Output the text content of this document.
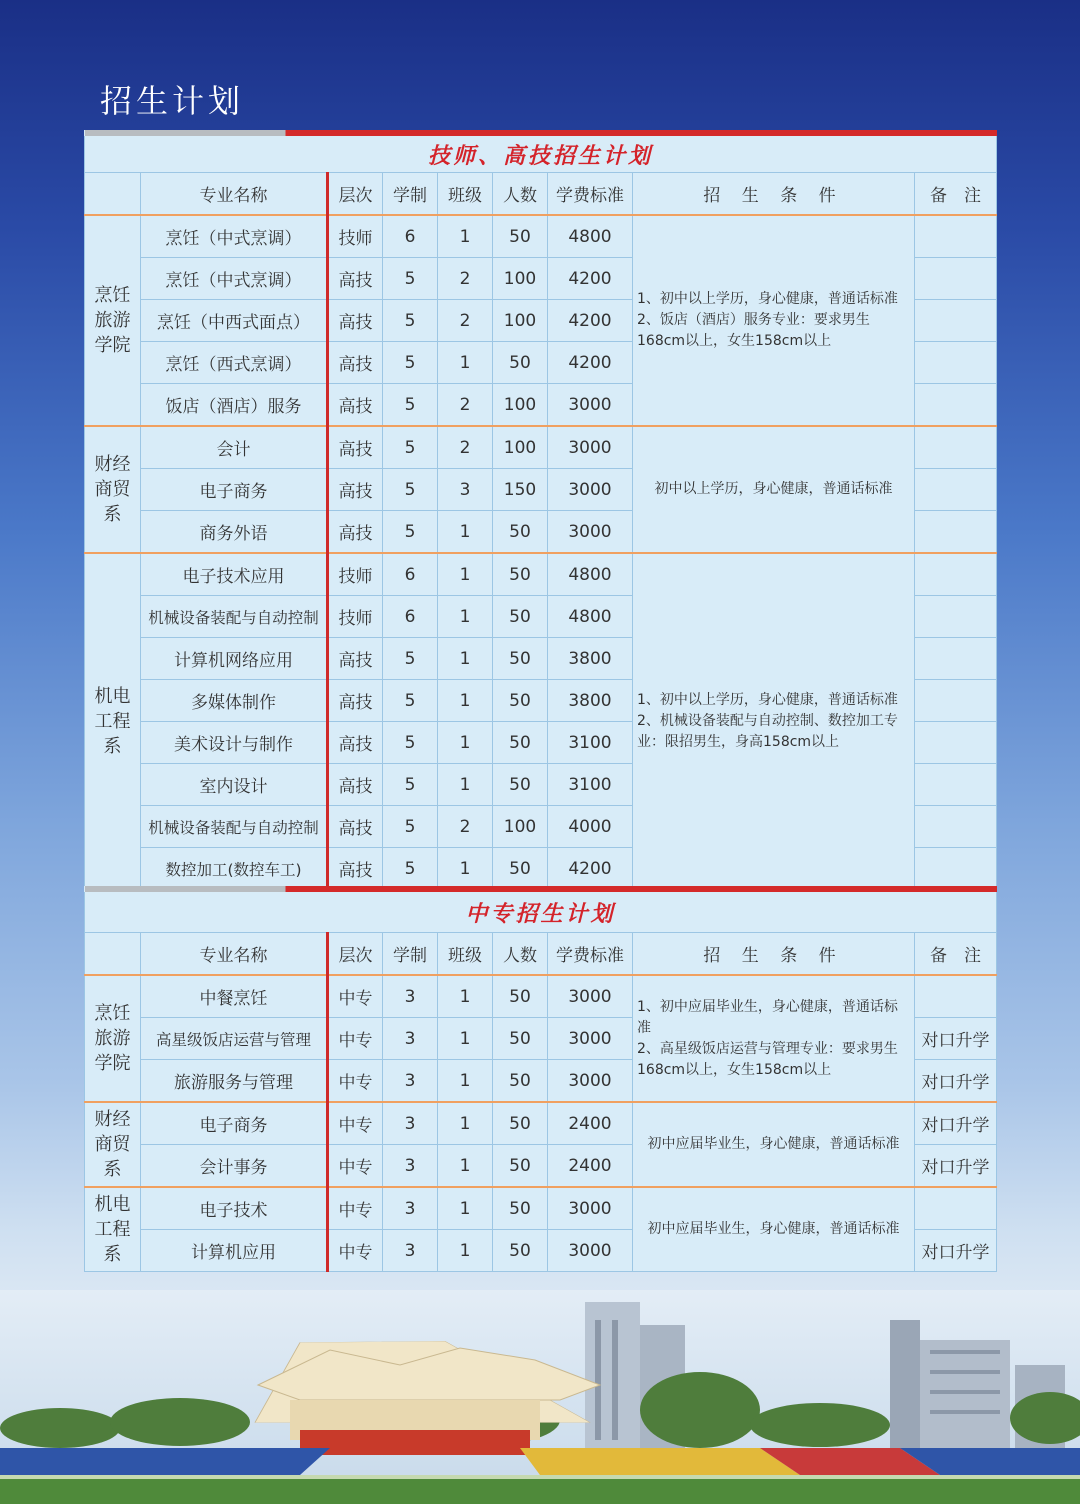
招生计划

技师、高技招生计划								
	专业名称	层次	学制	班级	人数	学费标准	招 生 条 件	备　注
烹饪
旅游
学院	烹饪（中式烹调）	技师	6	1	50	4800	1、初中以上学历，身心健康，普通话标准
2、饭店（酒店）服务专业：要求男生168cm以上，女生158cm以上	
	烹饪（中式烹调）	高技	5	2	100	4200		
	烹饪（中西式面点）	高技	5	2	100	4200		
	烹饪（西式烹调）	高技	5	1	50	4200		
	饭店（酒店）服务	高技	5	2	100	3000		
财经
商贸
系	会计	高技	5	2	100	3000	初中以上学历，身心健康，普通话标准	
	电子商务	高技	5	3	150	3000		
	商务外语	高技	5	1	50	3000		
机电
工程
系	电子技术应用	技师	6	1	50	4800	1、初中以上学历，身心健康，普通话标准
2、机械设备装配与自动控制、数控加工专业：限招男生，身高158cm以上	
	机械设备装配与自动控制	技师	6	1	50	4800		
	计算机网络应用	高技	5	1	50	3800		
	多媒体制作	高技	5	1	50	3800		
	美术设计与制作	高技	5	1	50	3100		
	室内设计	高技	5	1	50	3100		
	机械设备装配与自动控制	高技	5	2	100	4000		
	数控加工(数控车工)	高技	5	1	50	4200		

中专招生计划								
	专业名称	层次	学制	班级	人数	学费标准	招 生 条 件	备　注
烹饪
旅游
学院	中餐烹饪	中专	3	1	50	3000	1、初中应届毕业生，身心健康，普通话标准
2、高星级饭店运营与管理专业：要求男生168cm以上，女生158cm以上	
	高星级饭店运营与管理	中专	3	1	50	3000		对口升学
	旅游服务与管理	中专	3	1	50	3000		对口升学
财经
商贸
系	电子商务	中专	3	1	50	2400	初中应届毕业生，身心健康，普通话标准	对口升学
	会计事务	中专	3	1	50	2400		对口升学
机电
工程
系	电子技术	中专	3	1	50	3000	初中应届毕业生，身心健康，普通话标准	
	计算机应用	中专	3	1	50	3000		对口升学
